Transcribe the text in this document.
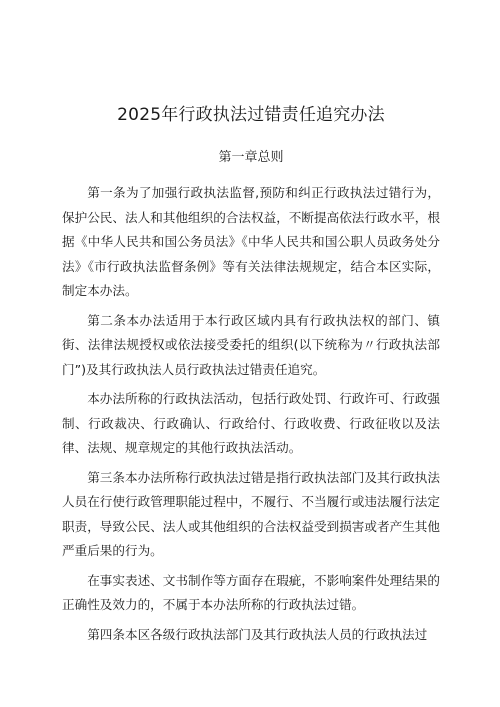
2025年行政执法过错责任追究办法
第一章总则

第一条为了加强行政执法监督,预防和纠正行政执法过错行为，保护公民、法人和其他组织的合法权益，不断提高依法行政水平，根据《中华人民共和国公务员法》《中华人民共和国公职人员政务处分法》《市行政执法监督条例》等有关法律法规规定，结合本区实际，制定本办法。

第二条本办法适用于本行政区域内具有行政执法权的部门、镇街、法律法规授权或依法接受委托的组织(以下统称为〃行政执法部门”)及其行政执法人员行政执法过错责任追究。

本办法所称的行政执法活动，包括行政处罚、行政许可、行政强制、行政裁决、行政确认、行政给付、行政收费、行政征收以及法律、法规、规章规定的其他行政执法活动。

第三条本办法所称行政执法过错是指行政执法部门及其行政执法人员在行使行政管理职能过程中，不履行、不当履行或违法履行法定职责，导致公民、法人或其他组织的合法权益受到损害或者产生其他严重后果的行为。

在事实表述、文书制作等方面存在瑕疵，不影响案件处理结果的正确性及效力的，不属于本办法所称的行政执法过错。

第四条本区各级行政执法部门及其行政执法人员的行政执法过
